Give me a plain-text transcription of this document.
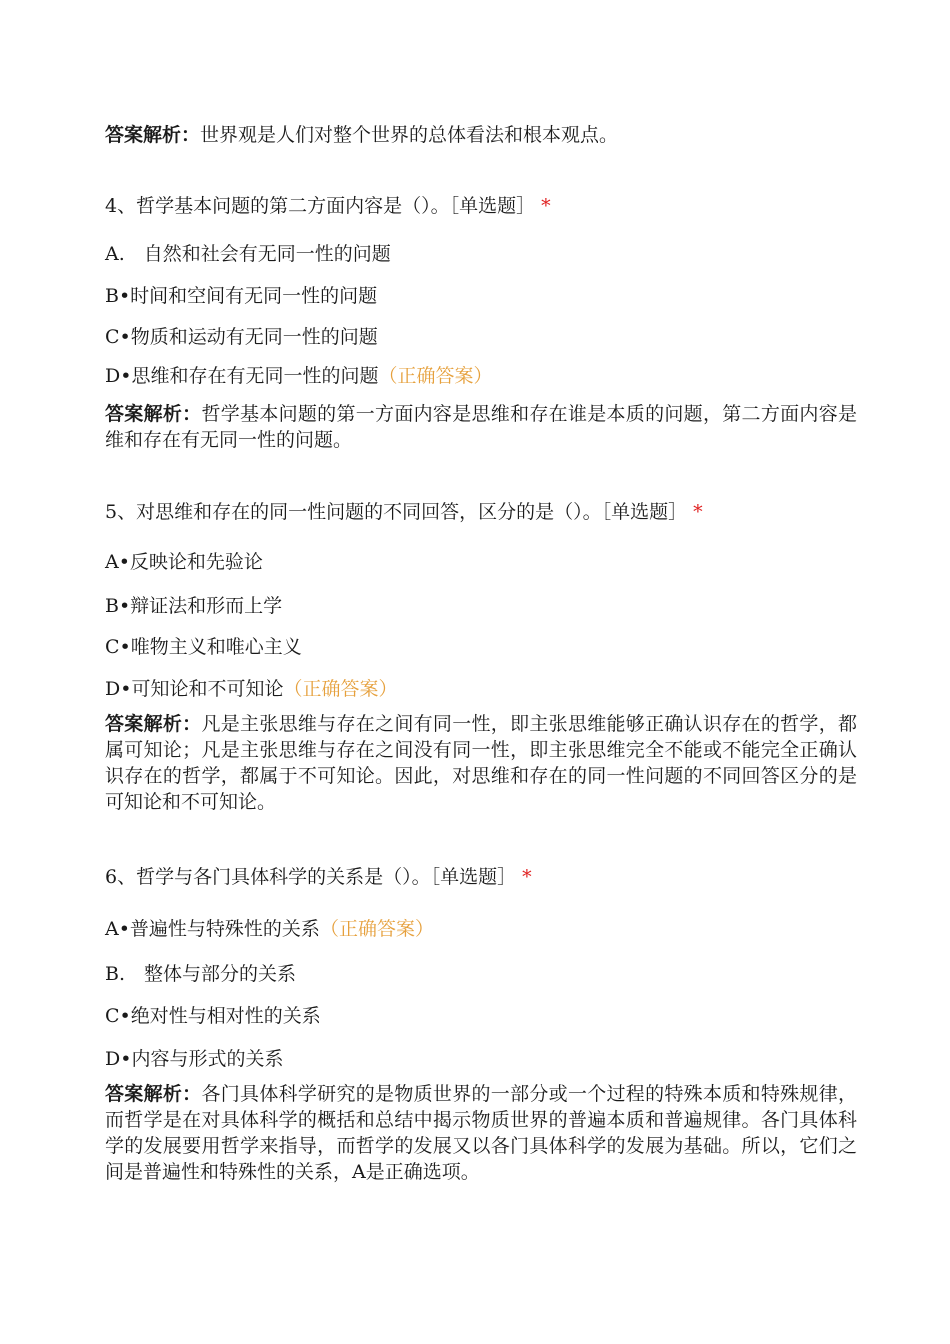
答案解析：世界观是人们对整个世界的总体看法和根本观点。
4、哲学基本问题的第二方面内容是（）。［单选题］ *
A.　自然和社会有无同一性的问题
B•时间和空间有无同一性的问题
C•物质和运动有无同一性的问题
D•思维和存在有无同一性的问题（正确答案）
答案解析：哲学基本问题的第一方面内容是思维和存在谁是本质的问题，第二方面内容是维和存在有无同一性的问题。
5、对思维和存在的同一性问题的不同回答，区分的是（）。［单选题］ *
A•反映论和先验论
B•辩证法和形而上学
C•唯物主义和唯心主义
D•可知论和不可知论（正确答案）
答案解析：凡是主张思维与存在之间有同一性，即主张思维能够正确认识存在的哲学，都属可知论；凡是主张思维与存在之间没有同一性，即主张思维完全不能或不能完全正确认识存在的哲学，都属于不可知论。因此，对思维和存在的同一性问题的不同回答区分的是可知论和不可知论。
6、哲学与各门具体科学的关系是（）。［单选题］ *
A•普遍性与特殊性的关系（正确答案）
B.　整体与部分的关系
C•绝对性与相对性的关系
D•内容与形式的关系
答案解析：各门具体科学研究的是物质世界的一部分或一个过程的特殊本质和特殊规律，而哲学是在对具体科学的概括和总结中揭示物质世界的普遍本质和普遍规律。各门具体科学的发展要用哲学来指导，而哲学的发展又以各门具体科学的发展为基础。所以，它们之间是普遍性和特殊性的关系，A是正确选项。
